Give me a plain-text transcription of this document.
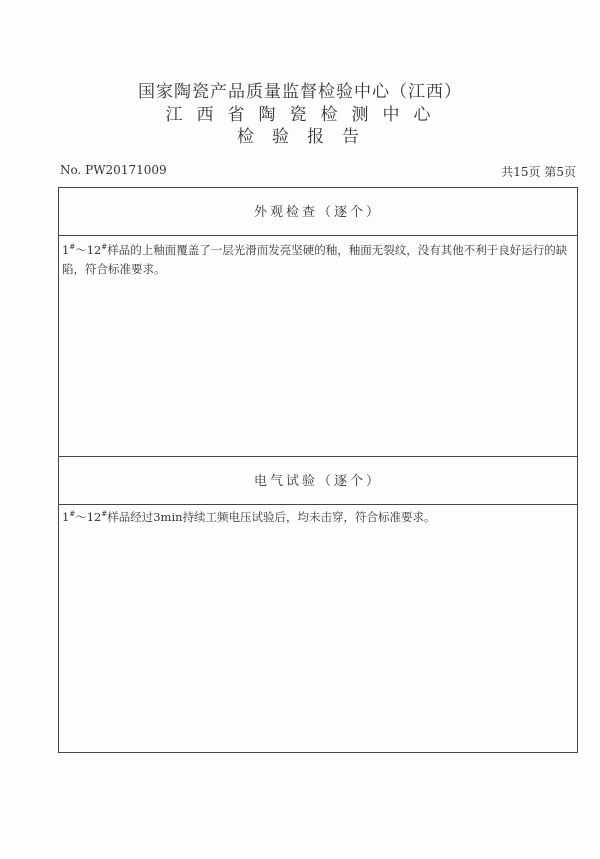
国家陶瓷产品质量监督检验中心（江西）
江西省陶瓷检测中心
检验报告
No. PW20171009	共15页 第5页
外观检查（逐个）

1#～12#样品的上釉面覆盖了一层光滑而发亮坚硬的釉，釉面无裂纹，没有其他不利于良好运行的缺陷，符合标准要求。

电气试验（逐个）

1#～12#样品经过3min持续工频电压试验后，均未击穿，符合标准要求。
